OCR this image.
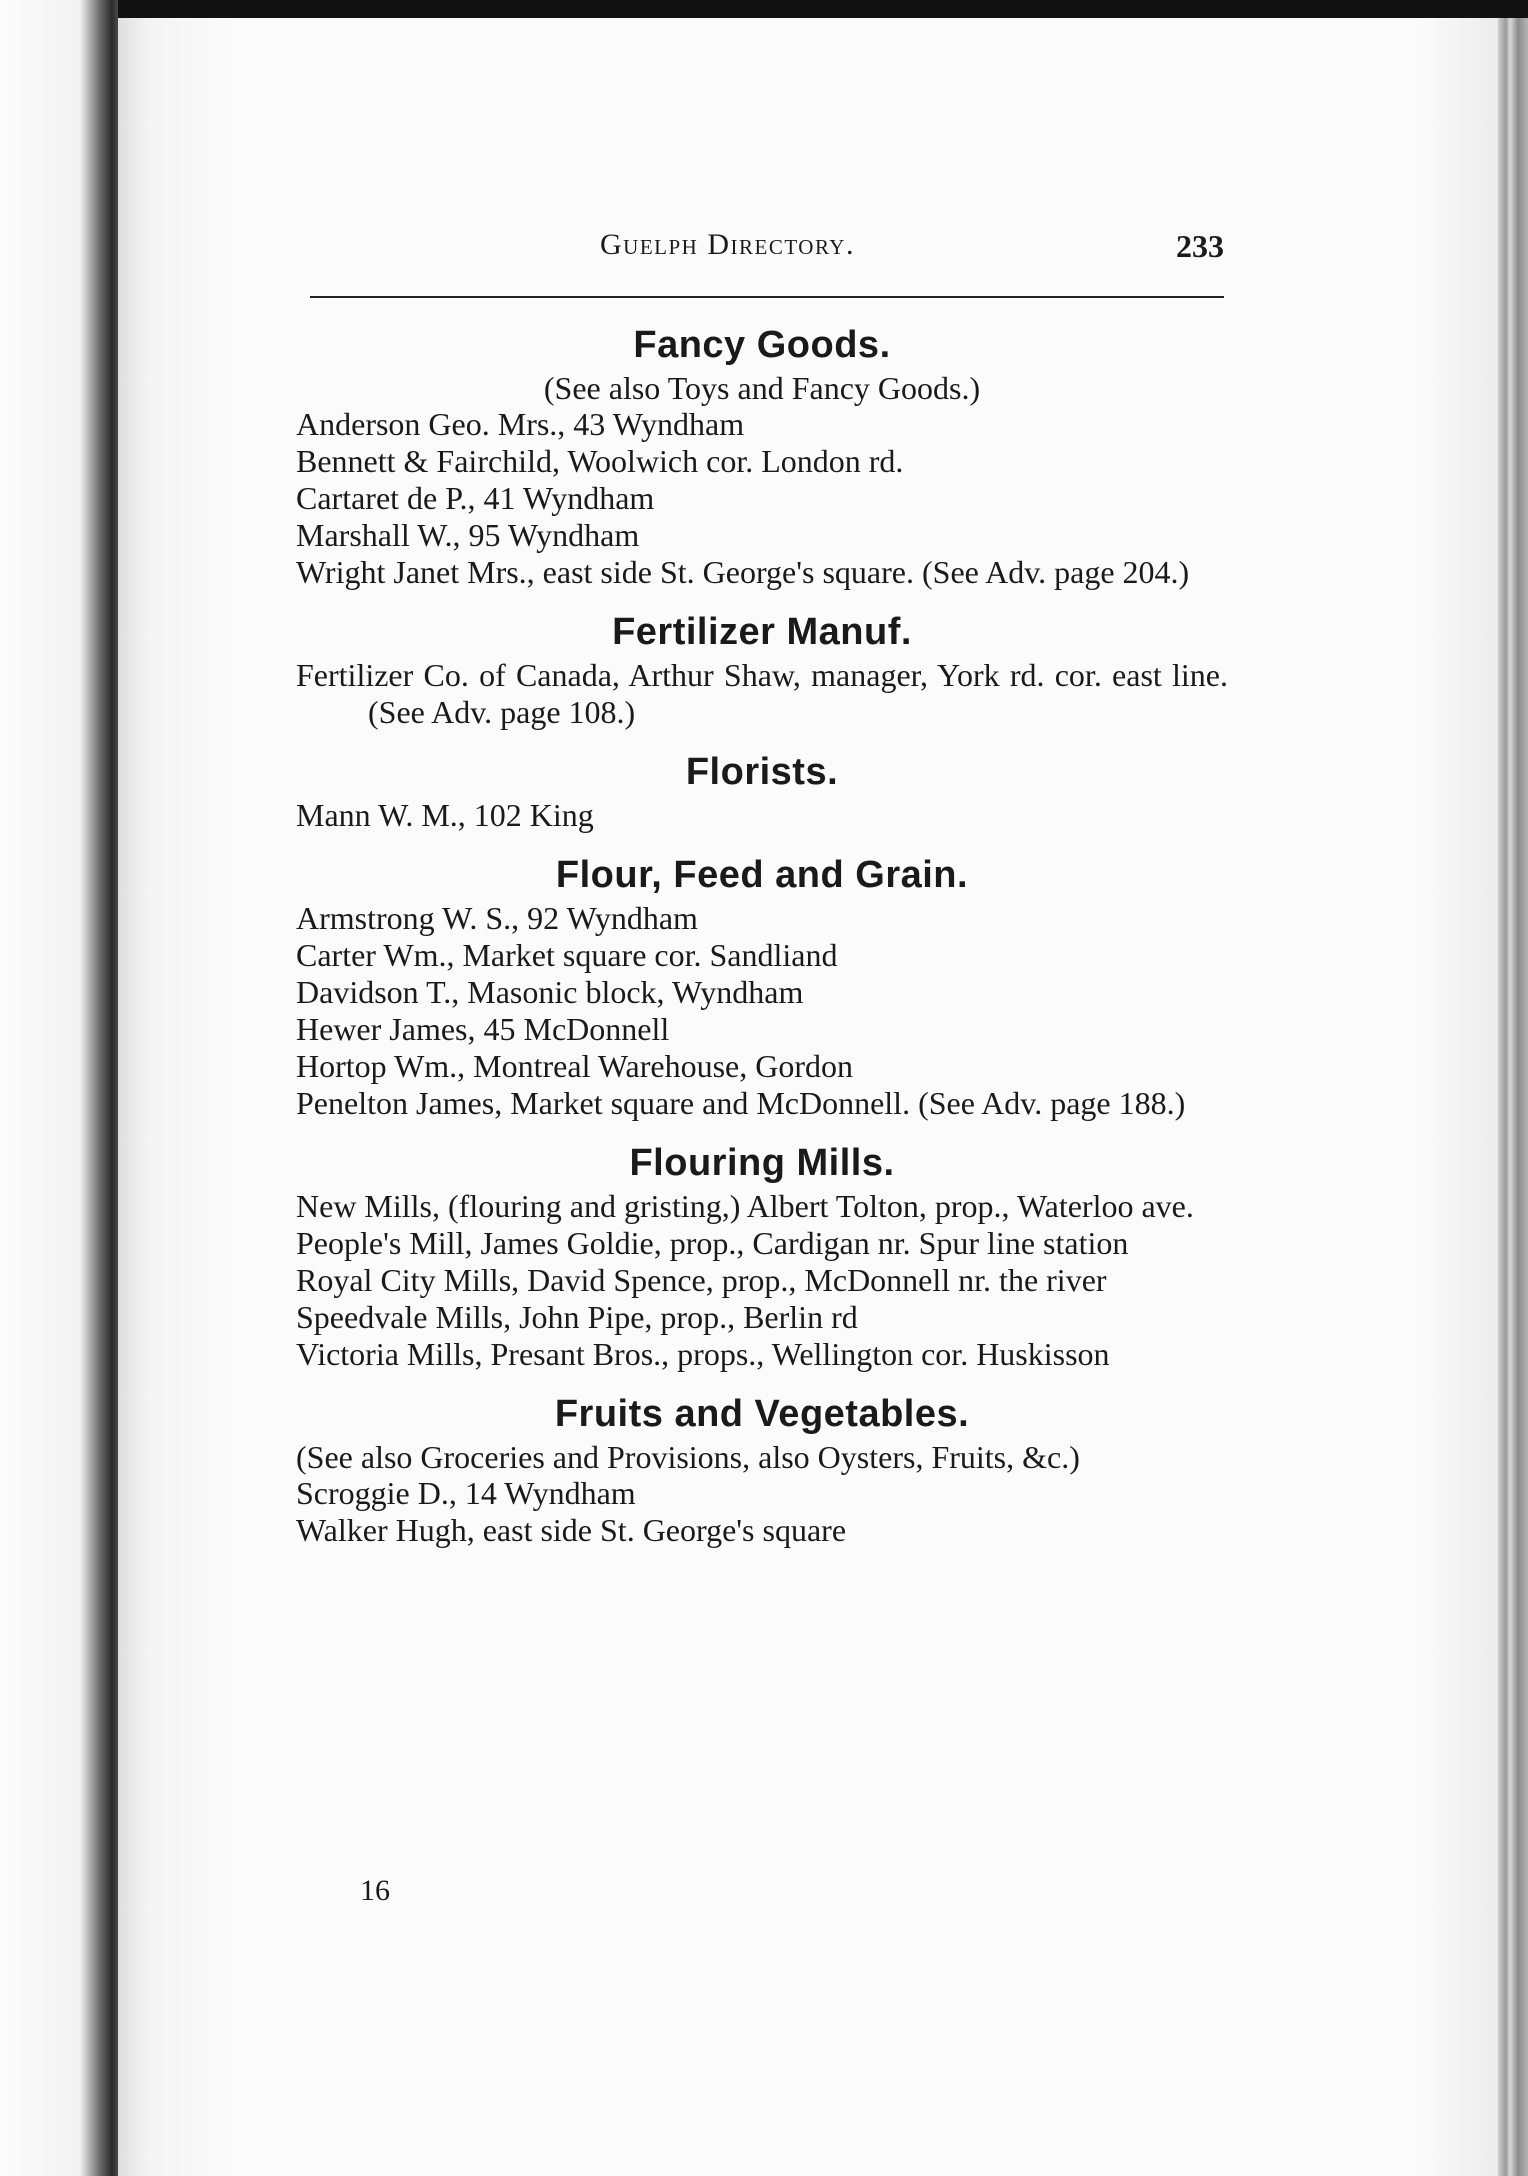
Guelph Directory.	233
Fancy Goods.
(See also Toys and Fancy Goods.)
Anderson Geo. Mrs., 43 Wyndham
Bennett & Fairchild, Woolwich cor. London rd.
Cartaret de P., 41 Wyndham
Marshall W., 95 Wyndham
Wright Janet Mrs., east side St. George's square. (See Adv. page 204.)
Fertilizer Manuf.
Fertilizer Co. of Canada, Arthur Shaw, manager, York rd. cor. east line. (See Adv. page 108.)
Florists.
Mann W. M., 102 King
Flour, Feed and Grain.
Armstrong W. S., 92 Wyndham
Carter Wm., Market square cor. Sandliand
Davidson T., Masonic block, Wyndham
Hewer James, 45 McDonnell
Hortop Wm., Montreal Warehouse, Gordon
Penelton James, Market square and McDonnell. (See Adv. page 188.)
Flouring Mills.
New Mills, (flouring and gristing,) Albert Tolton, prop., Waterloo ave.
People's Mill, James Goldie, prop., Cardigan nr. Spur line station
Royal City Mills, David Spence, prop., McDonnell nr. the river
Speedvale Mills, John Pipe, prop., Berlin rd
Victoria Mills, Presant Bros., props., Wellington cor. Huskisson
Fruits and Vegetables.
(See also Groceries and Provisions, also Oysters, Fruits, &c.)
Scroggie D., 14 Wyndham
Walker Hugh, east side St. George's square
16
